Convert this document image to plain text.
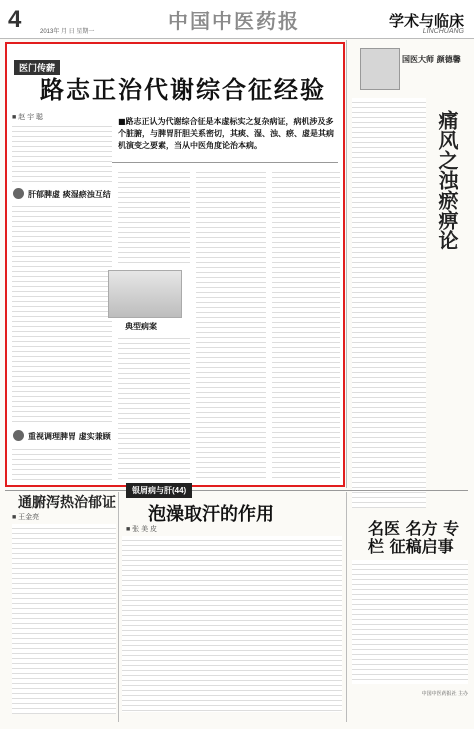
4	中国中医药报
2013年 月 日 星期一
学术与临床
LINCHUANG
医门传薪
路志正治代谢综合征经验
■ 赵 宇 聪	■路志正认为代谢综合征是本虚标实之复杂病证，病机涉及多个脏腑，与脾胃肝胆关系密切，其痰、湿、浊、瘀、虚是其病机演变之要素，当从中医角度论治本病。
肝郁脾虚 痰湿瘀浊互结
重视调理脾胃 虚实兼顾
典型病案
国医大师 颜德馨
痛风之浊瘀痹论
通腑泻热治郁证
■ 王金亮
银屑病与肝(44)
泡澡取汗的作用
■ 张 美 皮	名医 名方 专栏 征稿启事
中国中医药报社 主办
